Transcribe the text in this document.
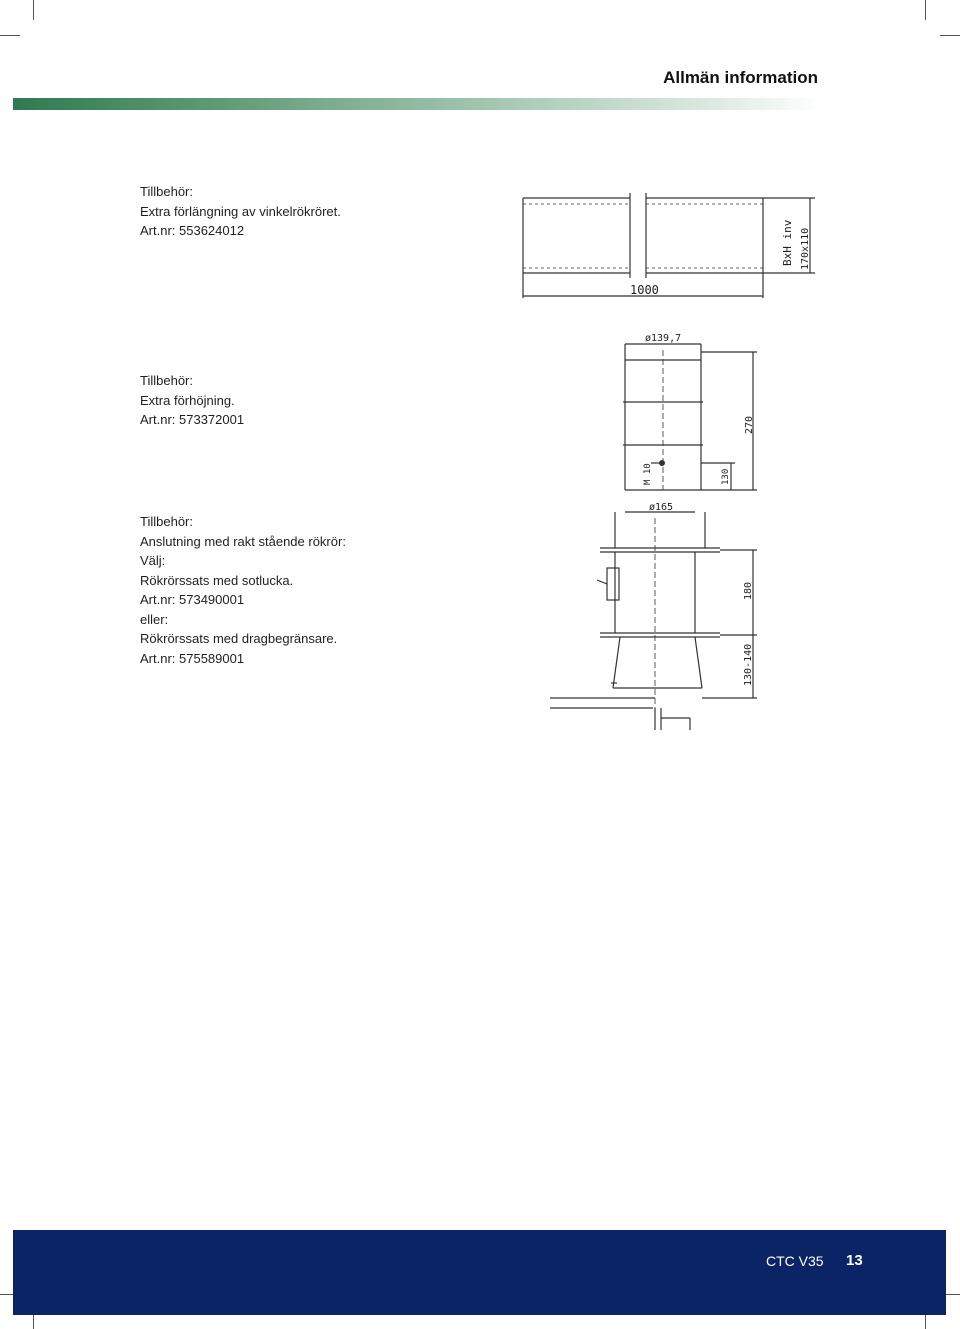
Allmän information
Tillbehör:
Extra förlängning av vinkelrökröret.
Art.nr: 553624012
Tillbehör:
Extra förhöjning.
Art.nr: 573372001
Tillbehör:
Anslutning med rakt stående rökrör:
Välj:
Rökrörssats med sotlucka.
Art.nr: 573490001
eller:
Rökrörssats med dragbegränsare.
Art.nr: 575589001
1000
BxH inv 170x110
ø139,7
270
M 10	130
ø165
180
130-140
CTC V35 13
